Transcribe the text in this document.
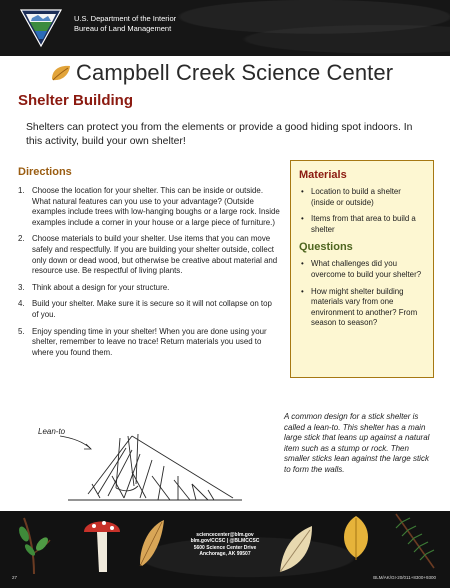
U.S. Department of the Interior
Bureau of Land Management
Campbell Creek Science Center
Shelter Building

Shelters can protect you from the elements or provide a good hiding spot indoors. In this activity, build your own shelter!

Directions
1. Choose the location for your shelter. This can be inside or outside. What natural features can you use to your advantage? (Outside examples include trees with low-hanging boughs or a large rock. Inside examples include a corner in your house or a large piece of furniture.)
2. Choose materials to build your shelter. Use items that you can move safely and respectfully. If you are building your shelter outside, collect only down or dead wood, but otherwise be creative about material and resource use. Be respectful of living plants.
3. Think about a design for your structure.
4. Build your shelter. Make sure it is secure so it will not collapse on top of you.
5. Enjoy spending time in your shelter! When you are done using your shelter, remember to leave no trace! Return materials you used to where you found them.
Materials
• Location to build a shelter (inside or outside)
• Items from that area to build a shelter
Questions
• What challenges did you overcome to build your shelter?
• How might shelter building materials vary from one environment to another? From season to season?
Lean-to

A common design for a stick shelter is called a lean-to. This shelter has a main large stick that leans up against a natural item such as a stump or rock. Then smaller sticks lean against the large stick to form the walls.

sciencecenter@blm.gov
blm.gov/CCSC | @BLMCCSC
5600 Science Center Drive
Anchorage, AK 99507
27	BLM/AK/GI-20/011+8300+9300
